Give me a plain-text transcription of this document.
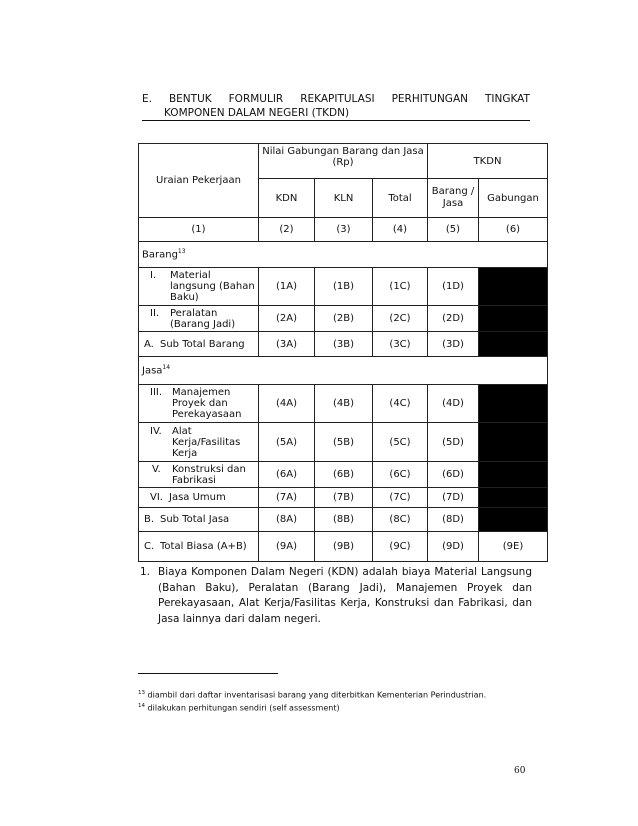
E. BENTUK FORMULIR REKAPITULASI PERHITUNGAN TINGKAT
KOMPONEN DALAM NEGERI (TKDN)
Uraian Pekerjaan	Nilai Gabungan Barang dan Jasa (Rp)			TKDN	
	KDN	KLN	Total	Barang / Jasa	Gabungan
(1)	(2)	(3)	(4)	(5)	(6)
Barang$^{13}$

I. Material langsung (Bahan Baku)	(1A)	(1B)	(1C)	(1D)	

II. Peralatan (Barang Jadi)	(2A)	(2B)	(2C)	(2D)	

A. Sub Total Barang	(3A)	(3B)	(3C)	(3D)	
Jasa$^{14}$

III. Manajemen Proyek dan Perekayasaan	(4A)	(4B)	(4C)	(4D)	

IV. Alat Kerja/Fasilitas Kerja	(5A)	(5B)	(5C)	(5D)	

V. Konstruksi dan Fabrikasi	(6A)	(6B)	(6C)	(6D)	

VI. Jasa Umum	(7A)	(7B)	(7C)	(7D)	

B. Sub Total Jasa	(8A)	(8B)	(8C)	(8D)	

C. Total Biasa (A+B)	(9A)	(9B)	(9C)	(9D)	(9E)
1. Biaya Komponen Dalam Negeri (KDN) adalah biaya Material Langsung (Bahan Baku), Peralatan (Barang Jadi), Manajemen Proyek dan Perekayasaan, Alat Kerja/Fasilitas Kerja, Konstruksi dan Fabrikasi, dan Jasa lainnya dari dalam negeri.
$^{13}$ diambil dari daftar inventarisasi barang yang diterbitkan Kementerian Perindustrian.
$^{14}$ dilakukan perhitungan sendiri (self assessment)
60
